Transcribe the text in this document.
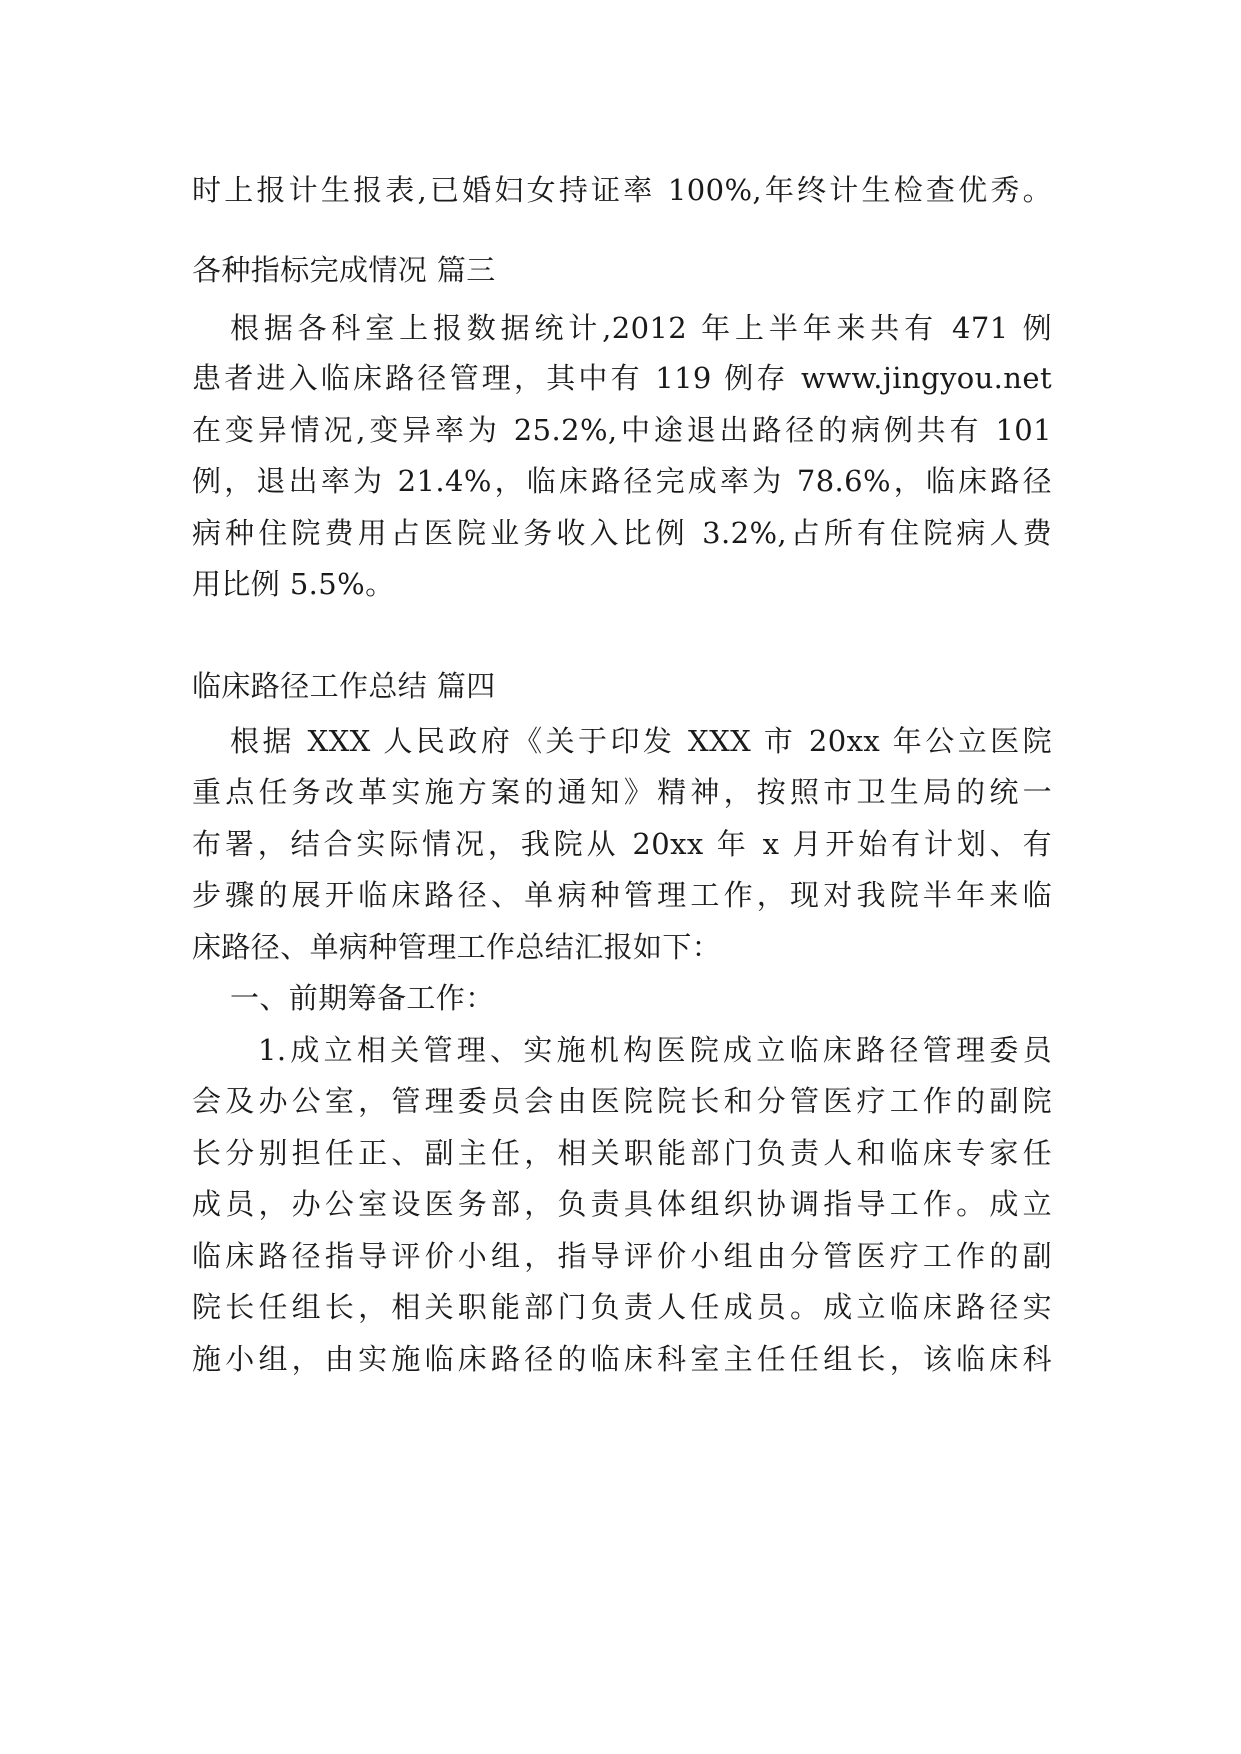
时上报计生报表,已婚妇女持证率 100%,年终计生检查优秀。

各种指标完成情况 篇三

根据各科室上报数据统计,2012 年上半年来共有 471 例

患者进入临床路径管理，其中有 119 例存 www.jingyou.net

在变异情况,变异率为 25.2%,中途退出路径的病例共有 101

例，退出率为 21.4%，临床路径完成率为 78.6%，临床路径

病种住院费用占医院业务收入比例 3.2%,占所有住院病人费

用比例 5.5%。

临床路径工作总结 篇四

根据 XXX 人民政府《关于印发 XXX 市 20xx 年公立医院

重点任务改革实施方案的通知》精神，按照市卫生局的统一

布署，结合实际情况，我院从 20xx 年 x 月开始有计划、有

步骤的展开临床路径、单病种管理工作，现对我院半年来临

床路径、单病种管理工作总结汇报如下：

一、前期筹备工作：

1.成立相关管理、实施机构医院成立临床路径管理委员

会及办公室，管理委员会由医院院长和分管医疗工作的副院

长分别担任正、副主任，相关职能部门负责人和临床专家任

成员，办公室设医务部，负责具体组织协调指导工作。成立

临床路径指导评价小组，指导评价小组由分管医疗工作的副

院长任组长，相关职能部门负责人任成员。成立临床路径实

施小组，由实施临床路径的临床科室主任任组长，该临床科
